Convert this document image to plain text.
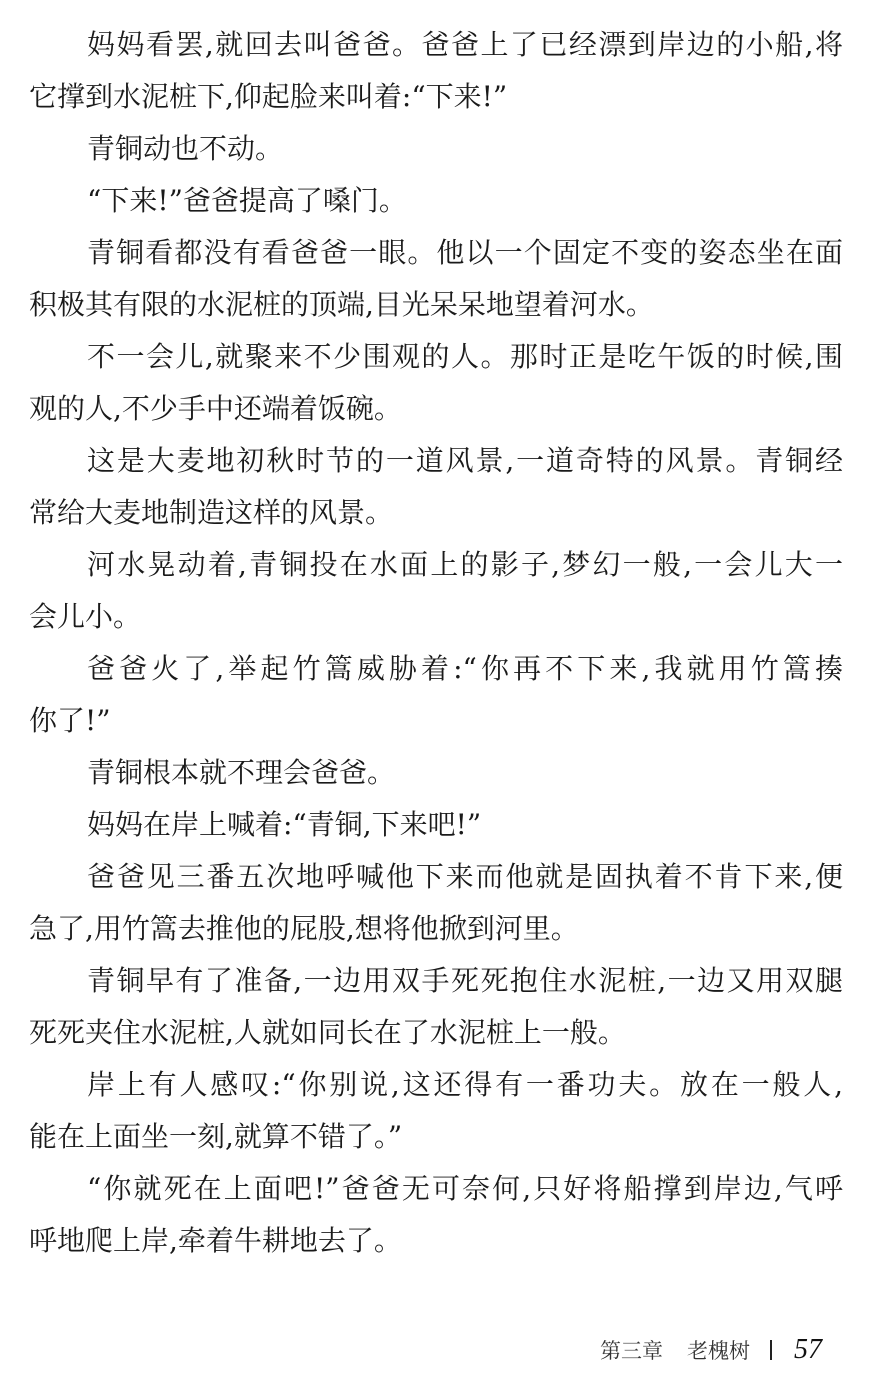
妈妈看罢,就回去叫爸爸。爸爸上了已经漂到岸边的小船,将
它撑到水泥桩下,仰起脸来叫着:“下来!”
青铜动也不动。
“下来!”爸爸提高了嗓门。
青铜看都没有看爸爸一眼。他以一个固定不变的姿态坐在面
积极其有限的水泥桩的顶端,目光呆呆地望着河水。
不一会儿,就聚来不少围观的人。那时正是吃午饭的时候,围
观的人,不少手中还端着饭碗。
这是大麦地初秋时节的一道风景,一道奇特的风景。青铜经
常给大麦地制造这样的风景。
河水晃动着,青铜投在水面上的影子,梦幻一般,一会儿大一
会儿小。
爸爸火了,举起竹篙威胁着:“你再不下来,我就用竹篙揍
你了!”
青铜根本就不理会爸爸。
妈妈在岸上喊着:“青铜,下来吧!”
爸爸见三番五次地呼喊他下来而他就是固执着不肯下来,便
急了,用竹篙去推他的屁股,想将他掀到河里。
青铜早有了准备,一边用双手死死抱住水泥桩,一边又用双腿
死死夹住水泥桩,人就如同长在了水泥桩上一般。
岸上有人感叹:“你别说,这还得有一番功夫。放在一般人,
能在上面坐一刻,就算不错了。”
“你就死在上面吧!”爸爸无可奈何,只好将船撑到岸边,气呼
呼地爬上岸,牵着牛耕地去了。
第三章 老槐树 57
